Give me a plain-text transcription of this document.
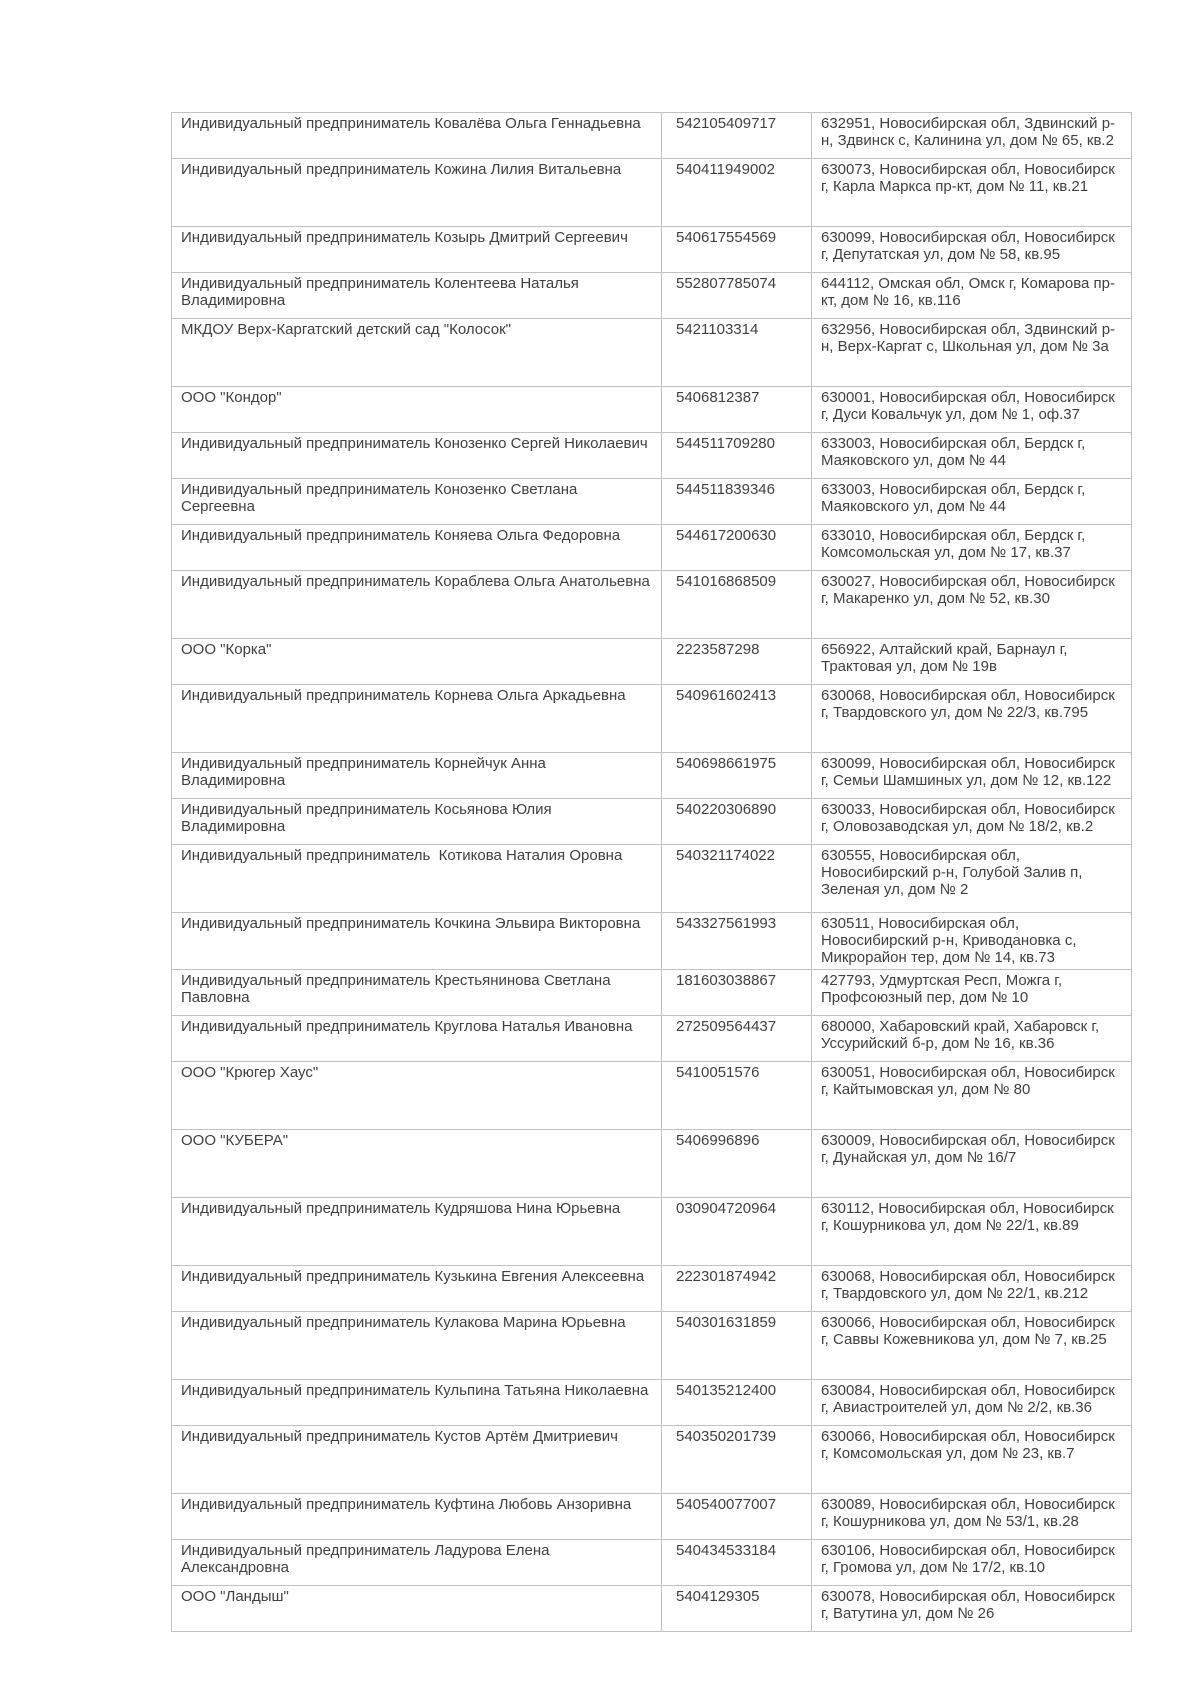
Индивидуальный предприниматель Ковалёва Ольга Геннадьевна	542105409717	632951, Новосибирская обл, Здвинский р-н, Здвинск с, Калинина ул, дом № 65, кв.2
Индивидуальный предприниматель Кожина Лилия Витальевна	540411949002	630073, Новосибирская обл, Новосибирск г, Карла Маркса пр-кт, дом № 11, кв.21
Индивидуальный предприниматель Козырь Дмитрий Сергеевич	540617554569	630099, Новосибирская обл, Новосибирск г, Депутатская ул, дом № 58, кв.95
Индивидуальный предприниматель Колентеева Наталья Владимировна	552807785074	644112, Омская обл, Омск г, Комарова пр-кт, дом № 16, кв.116
МКДОУ Верх-Каргатский детский сад "Колосок"	5421103314	632956, Новосибирская обл, Здвинский р-н, Верх-Каргат с, Школьная ул, дом № 3а
ООО "Кондор"	5406812387	630001, Новосибирская обл, Новосибирск г, Дуси Ковальчук ул, дом № 1, оф.37
Индивидуальный предприниматель Конозенко Сергей Николаевич	544511709280	633003, Новосибирская обл, Бердск г, Маяковского ул, дом № 44
Индивидуальный предприниматель Конозенко Светлана Сергеевна	544511839346	633003, Новосибирская обл, Бердск г, Маяковского ул, дом № 44
Индивидуальный предприниматель Коняева Ольга Федоровна	544617200630	633010, Новосибирская обл, Бердск г, Комсомольская ул, дом № 17, кв.37
Индивидуальный предприниматель Кораблева Ольга Анатольевна	541016868509	630027, Новосибирская обл, Новосибирск г, Макаренко ул, дом № 52, кв.30
ООО "Корка"	2223587298	656922, Алтайский край, Барнаул г, Трактовая ул, дом № 19в
Индивидуальный предприниматель Корнева Ольга Аркадьевна	540961602413	630068, Новосибирская обл, Новосибирск г, Твардовского ул, дом № 22/3, кв.795
Индивидуальный предприниматель Корнейчук Анна Владимировна	540698661975	630099, Новосибирская обл, Новосибирск г, Семьи Шамшиных ул, дом № 12, кв.122
Индивидуальный предприниматель Косьянова Юлия Владимировна	540220306890	630033, Новосибирская обл, Новосибирск г, Оловозаводская ул, дом № 18/2, кв.2
Индивидуальный предприниматель  Котикова Наталия Оровна	540321174022	630555, Новосибирская обл, Новосибирский р-н, Голубой Залив п, Зеленая ул, дом № 2
Индивидуальный предприниматель Кочкина Эльвира Викторовна	543327561993	630511, Новосибирская обл, Новосибирский р-н, Криводановка с, Микрорайон тер, дом № 14, кв.73
Индивидуальный предприниматель Крестьянинова Светлана Павловна	181603038867	427793, Удмуртская Респ, Можга г, Профсоюзный пер, дом № 10
Индивидуальный предприниматель Круглова Наталья Ивановна	272509564437	680000, Хабаровский край, Хабаровск г, Уссурийский б-р, дом № 16, кв.36
ООО "Крюгер Хаус"	5410051576	630051, Новосибирская обл, Новосибирск г, Кайтымовская ул, дом № 80
ООО "КУБЕРА"	5406996896	630009, Новосибирская обл, Новосибирск г, Дунайская ул, дом № 16/7
Индивидуальный предприниматель Кудряшова Нина Юрьевна	030904720964	630112, Новосибирская обл, Новосибирск г, Кошурникова ул, дом № 22/1, кв.89
Индивидуальный предприниматель Кузькина Евгения Алексеевна	222301874942	630068, Новосибирская обл, Новосибирск г, Твардовского ул, дом № 22/1, кв.212
Индивидуальный предприниматель Кулакова Марина Юрьевна	540301631859	630066, Новосибирская обл, Новосибирск г, Саввы Кожевникова ул, дом № 7, кв.25
Индивидуальный предприниматель Кульпина Татьяна Николаевна	540135212400	630084, Новосибирская обл, Новосибирск г, Авиастроителей ул, дом № 2/2, кв.36
Индивидуальный предприниматель Кустов Артём Дмитриевич	540350201739	630066, Новосибирская обл, Новосибирск г, Комсомольская ул, дом № 23, кв.7
Индивидуальный предприниматель Куфтина Любовь Анзоривна	540540077007	630089, Новосибирская обл, Новосибирск г, Кошурникова ул, дом № 53/1, кв.28
Индивидуальный предприниматель Ладурова Елена Александровна	540434533184	630106, Новосибирская обл, Новосибирск г, Громова ул, дом № 17/2, кв.10
ООО "Ландыш"	5404129305	630078, Новосибирская обл, Новосибирск г, Ватутина ул, дом № 26
